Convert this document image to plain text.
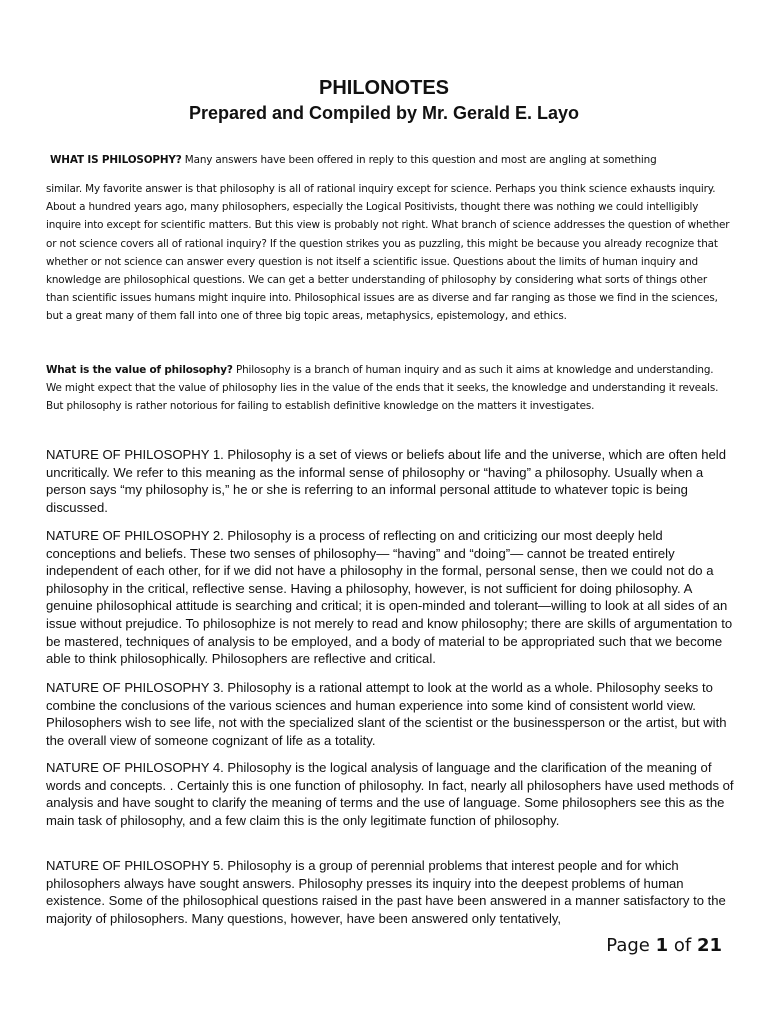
PHILONOTES
Prepared and Compiled by Mr. Gerald E. Layo

WHAT IS PHILOSOPHY? Many answers have been offered in reply to this question and most are angling at something

similar. My favorite answer is that philosophy is all of rational inquiry except for science. Perhaps you think science exhausts inquiry. About a hundred years ago, many philosophers, especially the Logical Positivists, thought there was nothing we could intelligibly inquire into except for scientific matters. But this view is probably not right. What branch of science addresses the question of whether or not science covers all of rational inquiry? If the question strikes you as puzzling, this might be because you already recognize that whether or not science can answer every question is not itself a scientific issue. Questions about the limits of human inquiry and knowledge are philosophical questions. We can get a better understanding of philosophy by considering what sorts of things other than scientific issues humans might inquire into. Philosophical issues are as diverse and far ranging as those we find in the sciences, but a great many of them fall into one of three big topic areas, metaphysics, epistemology, and ethics.

What is the value of philosophy? Philosophy is a branch of human inquiry and as such it aims at knowledge and understanding. We might expect that the value of philosophy lies in the value of the ends that it seeks, the knowledge and understanding it reveals. But philosophy is rather notorious for failing to establish definitive knowledge on the matters it investigates.

NATURE OF PHILOSOPHY 1. Philosophy is a set of views or beliefs about life and the universe, which are often held uncritically. We refer to this meaning as the informal sense of philosophy or “having” a philosophy. Usually when a person says “my philosophy is,” he or she is referring to an informal personal attitude to whatever topic is being discussed.

NATURE OF PHILOSOPHY 2. Philosophy is a process of reflecting on and criticizing our most deeply held conceptions and beliefs. These two senses of philosophy— “having” and “doing”— cannot be treated entirely independent of each other, for if we did not have a philosophy in the formal, personal sense, then we could not do a philosophy in the critical, reflective sense. Having a philosophy, however, is not sufficient for doing philosophy. A genuine philosophical attitude is searching and critical; it is open-minded and tolerant—willing to look at all sides of an issue without prejudice. To philosophize is not merely to read and know philosophy; there are skills of argumentation to be mastered, techniques of analysis to be employed, and a body of material to be appropriated such that we become able to think philosophically. Philosophers are reflective and critical.

NATURE OF PHILOSOPHY 3. Philosophy is a rational attempt to look at the world as a whole. Philosophy seeks to combine the conclusions of the various sciences and human experience into some kind of consistent world view. Philosophers wish to see life, not with the specialized slant of the scientist or the businessperson or the artist, but with the overall view of someone cognizant of life as a totality.

NATURE OF PHILOSOPHY 4. Philosophy is the logical analysis of language and the clarification of the meaning of words and concepts. . Certainly this is one function of philosophy. In fact, nearly all philosophers have used methods of analysis and have sought to clarify the meaning of terms and the use of language. Some philosophers see this as the main task of philosophy, and a few claim this is the only legitimate function of philosophy.

NATURE OF PHILOSOPHY 5. Philosophy is a group of perennial problems that interest people and for which philosophers always have sought answers. Philosophy presses its inquiry into the deepest problems of human existence. Some of the philosophical questions raised in the past have been answered in a manner satisfactory to the majority of philosophers. Many questions, however, have been answered only tentatively,

Page 1 of 21
